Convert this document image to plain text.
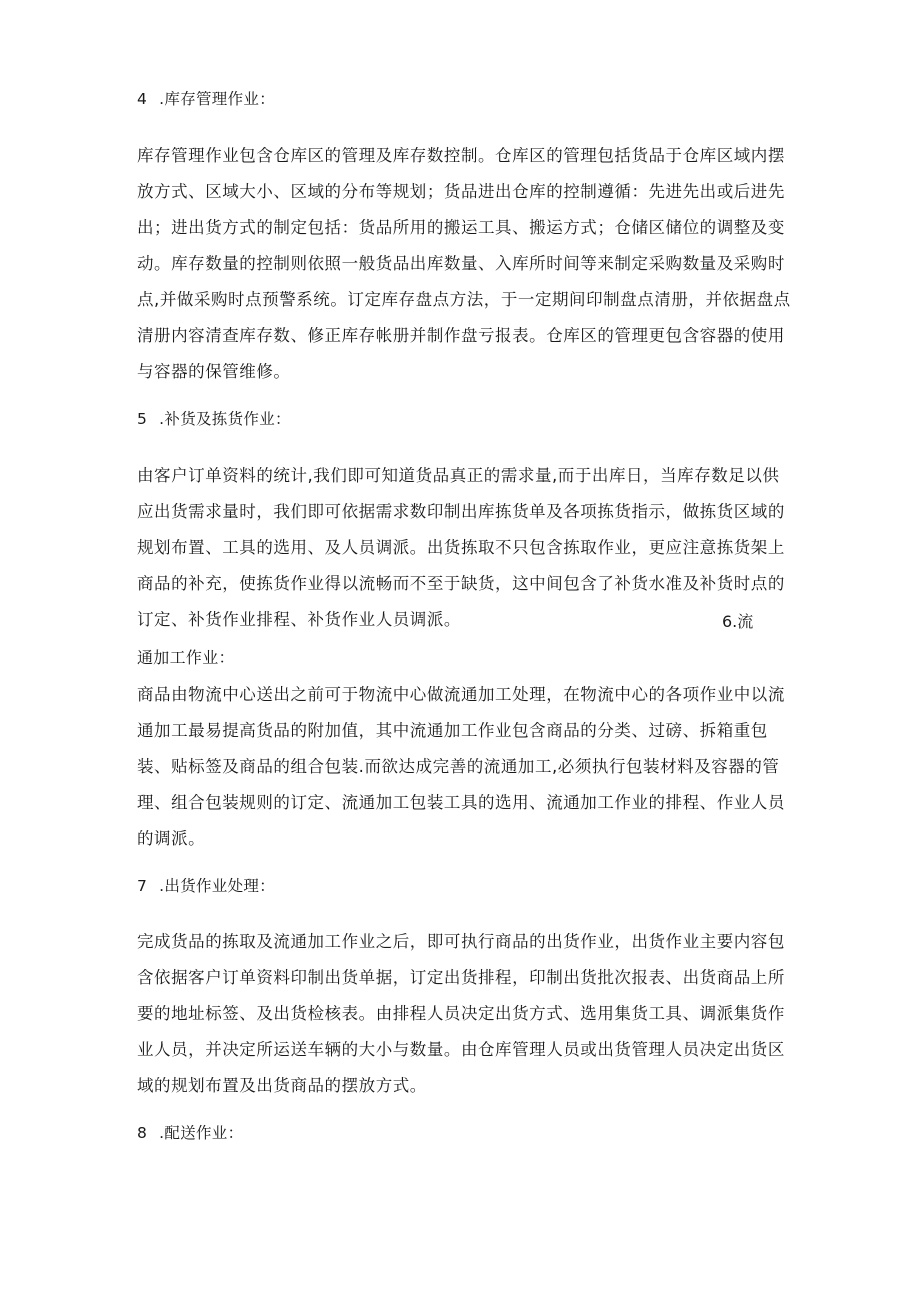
4 .库存管理作业：
库存管理作业包含仓库区的管理及库存数控制。仓库区的管理包括货品于仓库区域内摆
放方式、区域大小、区域的分布等规划；货品进出仓库的控制遵循：先进先出或后进先
出；进出货方式的制定包括：货品所用的搬运工具、搬运方式；仓储区储位的调整及变
动。库存数量的控制则依照一般货品出库数量、入库所时间等来制定采购数量及采购时
点,并做采购时点预警系统。订定库存盘点方法，于一定期间印制盘点清册，并依据盘点
清册内容清查库存数、修正库存帐册并制作盘亏报表。仓库区的管理更包含容器的使用
与容器的保管维修。
5 .补货及拣货作业：
由客户订单资料的统计,我们即可知道货品真正的需求量,而于出库日，当库存数足以供
应出货需求量时，我们即可依据需求数印制出库拣货单及各项拣货指示，做拣货区域的
规划布置、工具的选用、及人员调派。出货拣取不只包含拣取作业，更应注意拣货架上
商品的补充，使拣货作业得以流畅而不至于缺货，这中间包含了补货水准及补货时点的
订定、补货作业排程、补货作业人员调派。	6.流
通加工作业：
商品由物流中心送出之前可于物流中心做流通加工处理，在物流中心的各项作业中以流
通加工最易提高货品的附加值，其中流通加工作业包含商品的分类、过磅、拆箱重包
装、贴标签及商品的组合包装.而欲达成完善的流通加工,必须执行包装材料及容器的管
理、组合包装规则的订定、流通加工包装工具的选用、流通加工作业的排程、作业人员
的调派。
7 .出货作业处理：
完成货品的拣取及流通加工作业之后，即可执行商品的出货作业，出货作业主要内容包
含依据客户订单资料印制出货单据，订定出货排程，印制出货批次报表、出货商品上所
要的地址标签、及出货检核表。由排程人员决定出货方式、选用集货工具、调派集货作
业人员，并决定所运送车辆的大小与数量。由仓库管理人员或出货管理人员决定出货区
域的规划布置及出货商品的摆放方式。
8 .配送作业：
